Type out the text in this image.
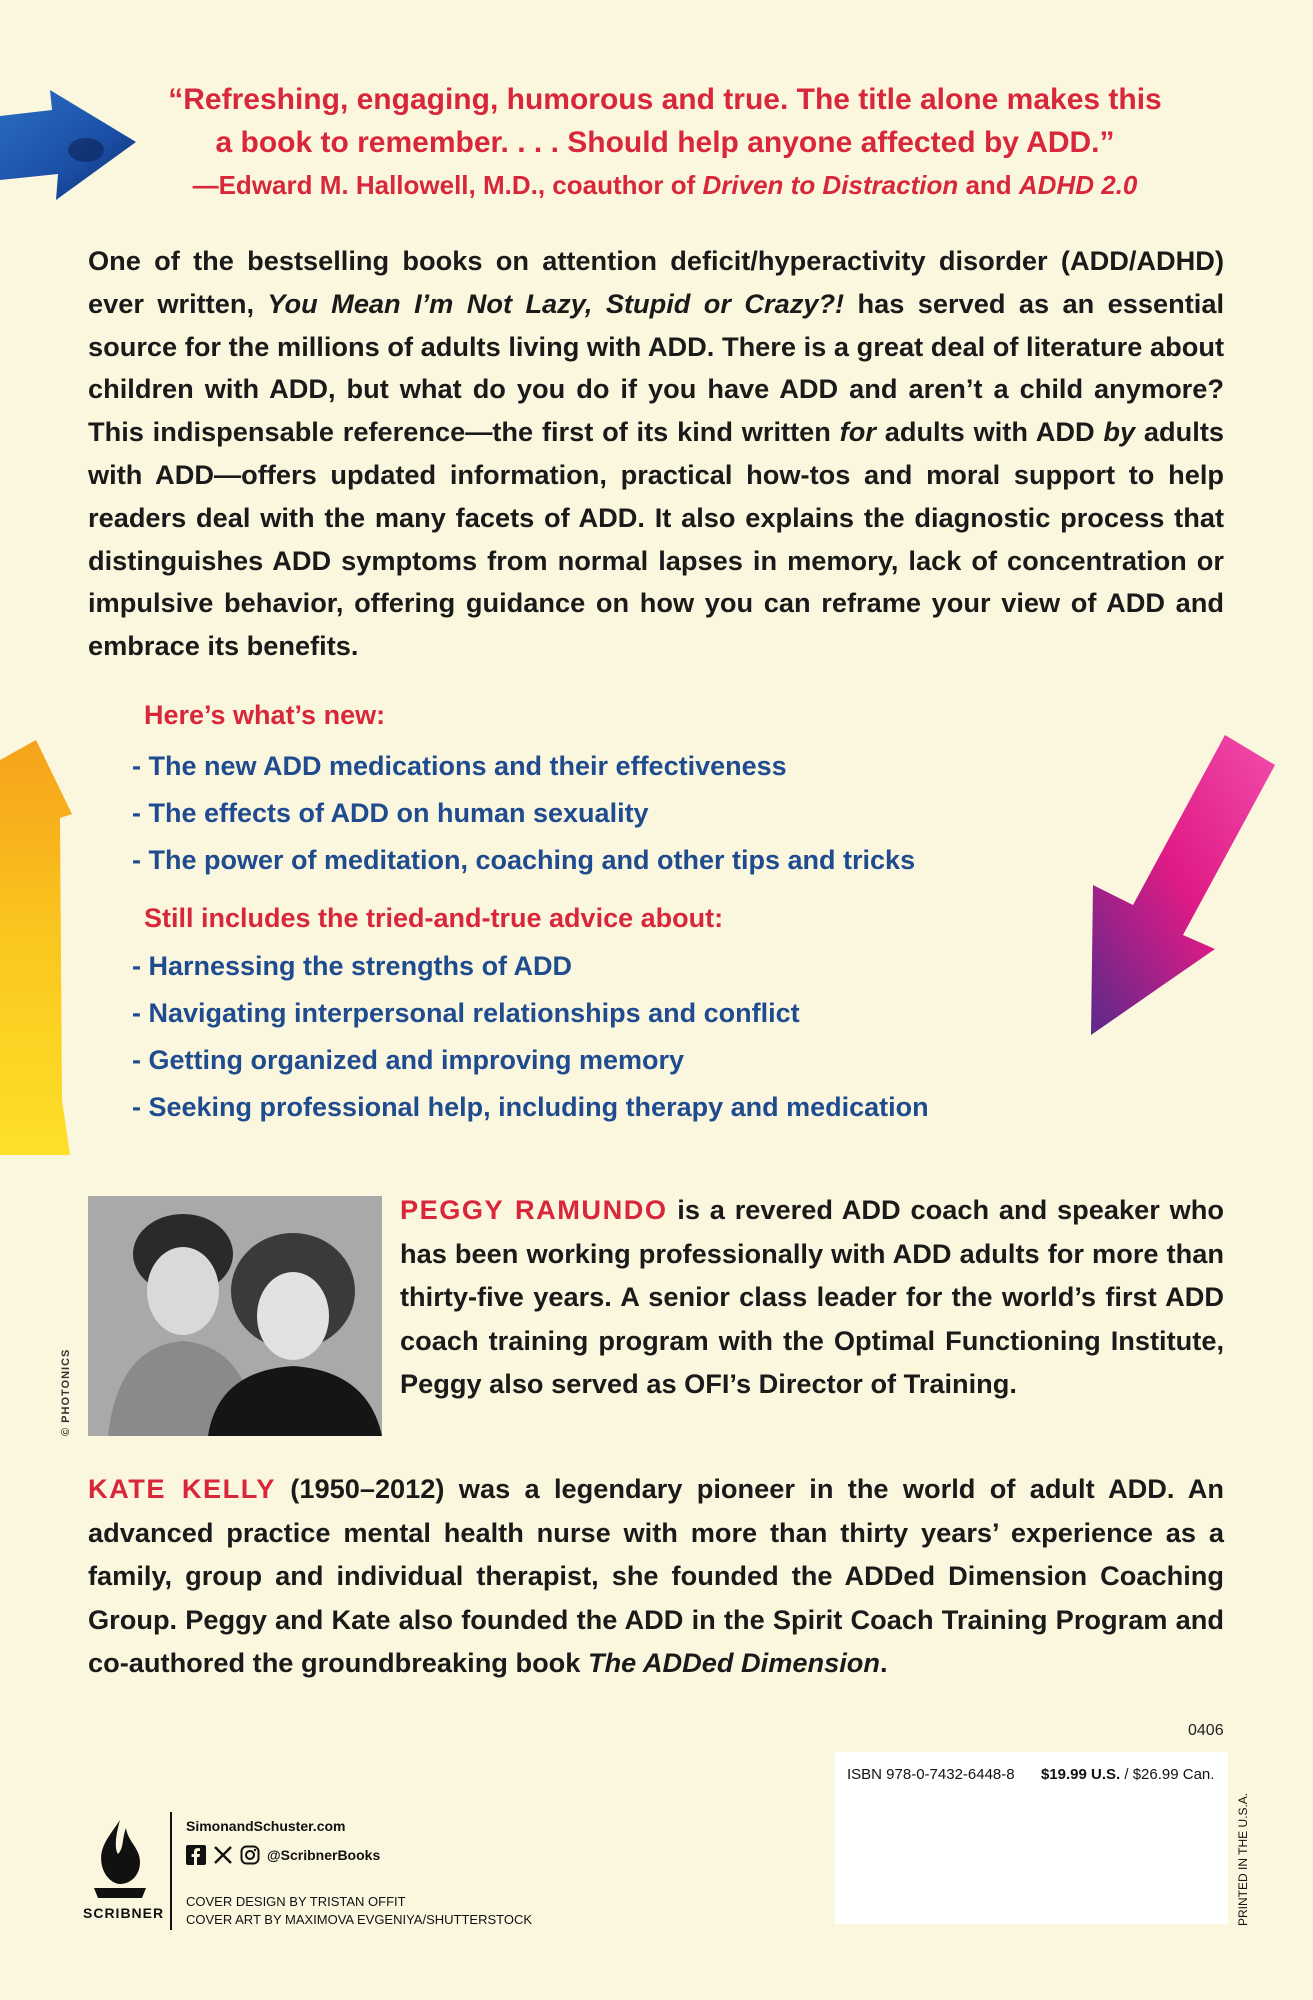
“Refreshing, engaging, humorous and true. The title alone makes this
a book to remember. . . . Should help anyone affected by ADD.”
—Edward M. Hallowell, M.D., coauthor of Driven to Distraction and ADHD 2.0
One of the bestselling books on attention deficit/hyperactivity disorder (ADD/ADHD) ever written, You Mean I’m Not Lazy, Stupid or Crazy?! has served as an essential source for the millions of adults living with ADD. There is a great deal of literature about children with ADD, but what do you do if you have ADD and aren’t a child anymore? This indispensable reference—the first of its kind written for adults with ADD by adults with ADD—offers updated information, practical how-tos and moral support to help readers deal with the many facets of ADD. It also explains the diagnostic process that distinguishes ADD symptoms from normal lapses in memory, lack of concentration or impulsive behavior, offering guidance on how you can reframe your view of ADD and embrace its benefits.
Here’s what’s new:
- The new ADD medications and their effectiveness
- The effects of ADD on human sexuality
- The power of meditation, coaching and other tips and tricks
Still includes the tried-and-true advice about:
- Harnessing the strengths of ADD
- Navigating interpersonal relationships and conflict
- Getting organized and improving memory
- Seeking professional help, including therapy and medication
© PHOTONICS
PEGGY RAMUNDO is a revered ADD coach and speaker who has been working professionally with ADD adults for more than thirty-five years. A senior class leader for the world’s first ADD coach training program with the Optimal Functioning Institute, Peggy also served as OFI’s Director of Training.
KATE KELLY (1950–2012) was a legendary pioneer in the world of adult ADD. An advanced practice mental health nurse with more than thirty years’ experience as a family, group and individual therapist, she founded the ADDed Dimension Coaching Group. Peggy and Kate also founded the ADD in the Spirit Coach Training Program and co-authored the groundbreaking book The ADDed Dimension.
0406
ISBN 978-0-7432-6448-8 $19.99 U.S. / $26.99 Can.
SCRIBNER
SimonandSchuster.com
@ScribnerBooks
COVER DESIGN BY TRISTAN OFFIT
COVER ART BY MAXIMOVA EVGENIYA/SHUTTERSTOCK	PRINTED IN THE U.S.A.
